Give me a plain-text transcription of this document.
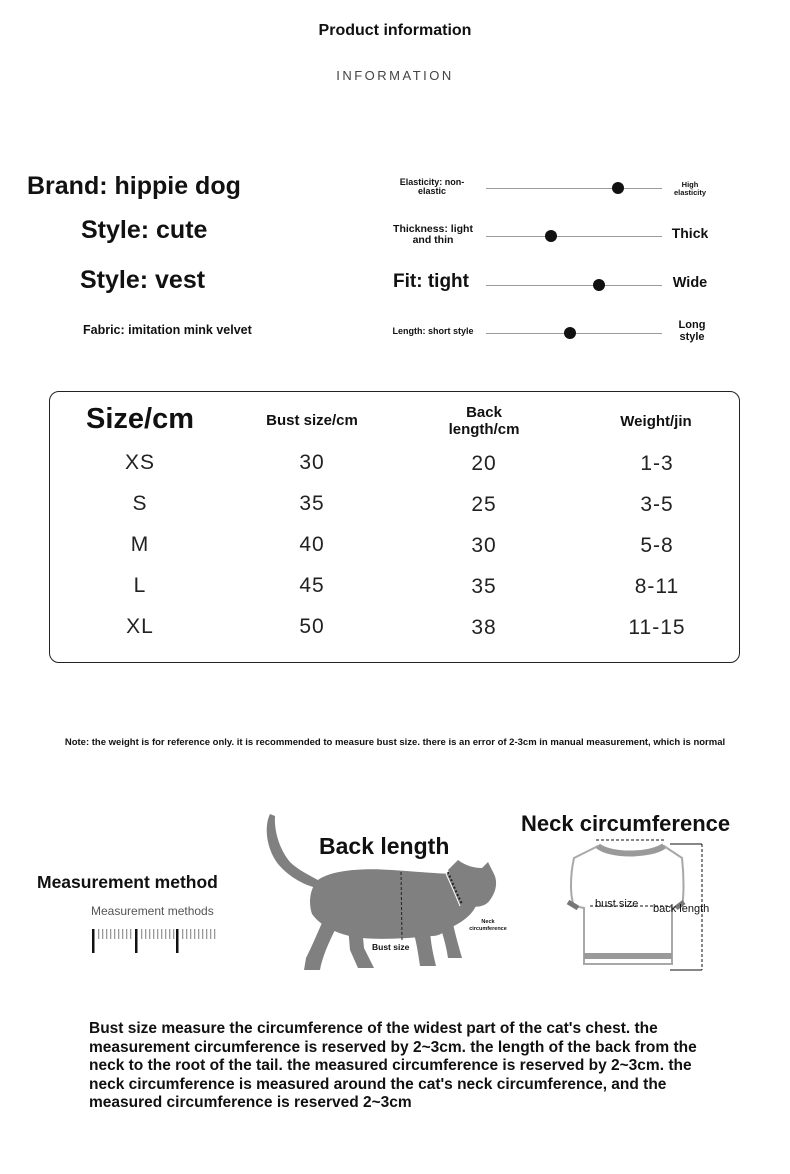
Product information
INFORMATION
Brand: hippie dog
Style: cute
Style: vest
Fabric: imitation mink velvet
Elasticity: non-elastic
High elasticity
Thickness: light and thin	Thick
Fit: tight	Wide
Length: short style	Long style
Size/cm	Bust size/cm	Back length/cm	Weight/jin
XS	30	20	1-3
S	35	25	3-5
M	40	30	5-8
L	45	35	8-11
XL	50	38	11-15
Note: the weight is for reference only. it is recommended to measure bust size. there is an error of 2-3cm in manual measurement, which is normal
Measurement method
Measurement methods
Back length
Bust size
Neck circumference
Neck circumference
bust size back length
Bust size measure the circumference of the widest part of the cat's chest. the measurement circumference is reserved by 2~3cm. the length of the back from the neck to the root of the tail. the measured circumference is reserved by 2~3cm. the neck circumference is measured around the cat's neck circumference, and the measured circumference is reserved 2~3cm
